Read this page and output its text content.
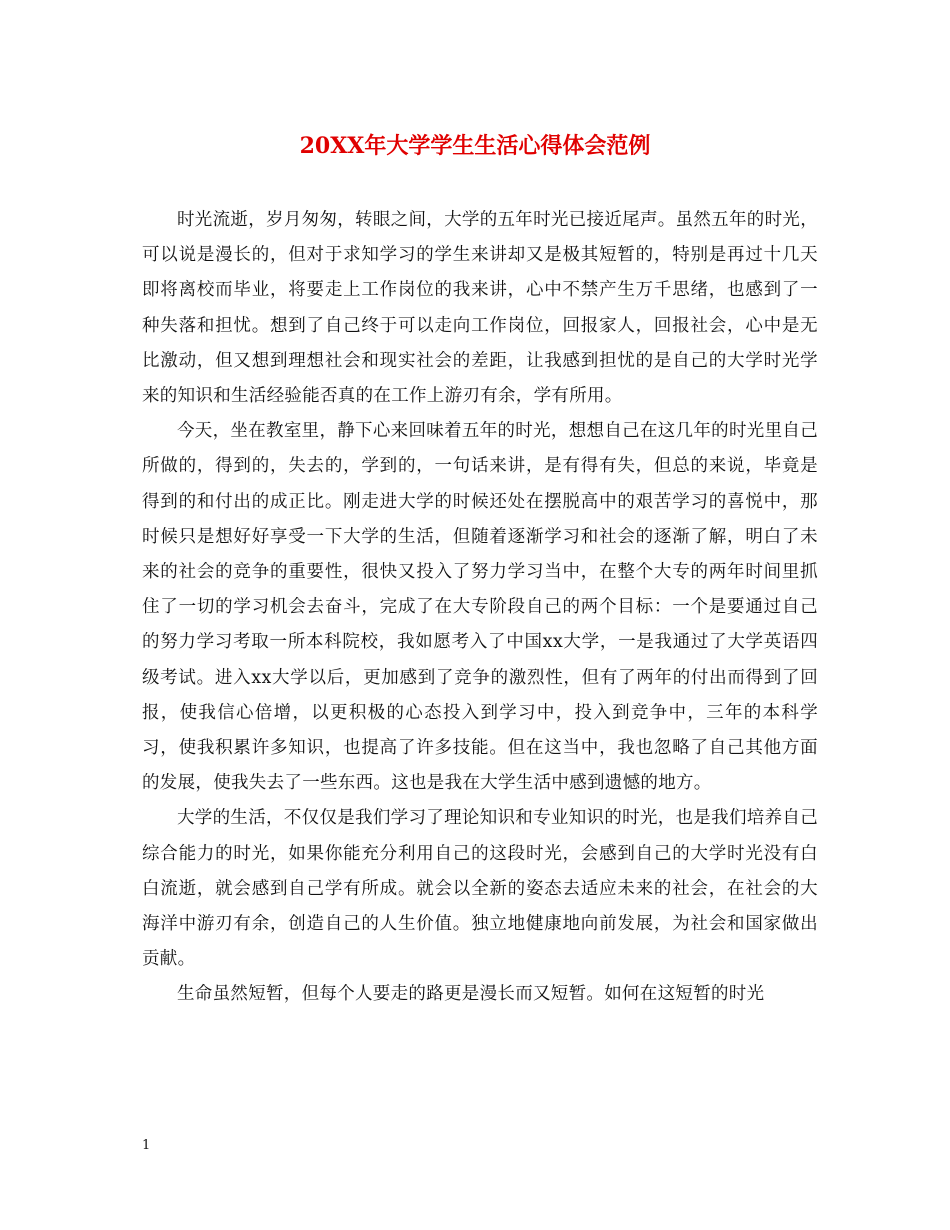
20XX年大学学生生活心得体会范例

时光流逝，岁月匆匆，转眼之间，大学的五年时光已接近尾声。虽然五年的时光，可以说是漫长的，但对于求知学习的学生来讲却又是极其短暂的，特别是再过十几天即将离校而毕业，将要走上工作岗位的我来讲，心中不禁产生万千思绪，也感到了一种失落和担忧。想到了自己终于可以走向工作岗位，回报家人，回报社会，心中是无比激动，但又想到理想社会和现实社会的差距，让我感到担忧的是自己的大学时光学来的知识和生活经验能否真的在工作上游刃有余，学有所用。

今天，坐在教室里，静下心来回味着五年的时光，想想自己在这几年的时光里自己所做的，得到的，失去的，学到的，一句话来讲，是有得有失，但总的来说，毕竟是得到的和付出的成正比。刚走进大学的时候还处在摆脱高中的艰苦学习的喜悦中，那时候只是想好好享受一下大学的生活，但随着逐渐学习和社会的逐渐了解，明白了未来的社会的竞争的重要性，很快又投入了努力学习当中，在整个大专的两年时间里抓住了一切的学习机会去奋斗，完成了在大专阶段自己的两个目标：一个是要通过自己的努力学习考取一所本科院校，我如愿考入了中国xx大学，一是我通过了大学英语四级考试。进入xx大学以后，更加感到了竞争的激烈性，但有了两年的付出而得到了回报，使我信心倍增，以更积极的心态投入到学习中，投入到竞争中，三年的本科学习，使我积累许多知识，也提高了许多技能。但在这当中，我也忽略了自己其他方面的发展，使我失去了一些东西。这也是我在大学生活中感到遗憾的地方。

大学的生活，不仅仅是我们学习了理论知识和专业知识的时光，也是我们培养自己综合能力的时光，如果你能充分利用自己的这段时光，会感到自己的大学时光没有白白流逝，就会感到自己学有所成。就会以全新的姿态去适应未来的社会，在社会的大海洋中游刃有余，创造自己的人生价值。独立地健康地向前发展，为社会和国家做出贡献。

生命虽然短暂，但每个人要走的路更是漫长而又短暂。如何在这短暂的时光

1
